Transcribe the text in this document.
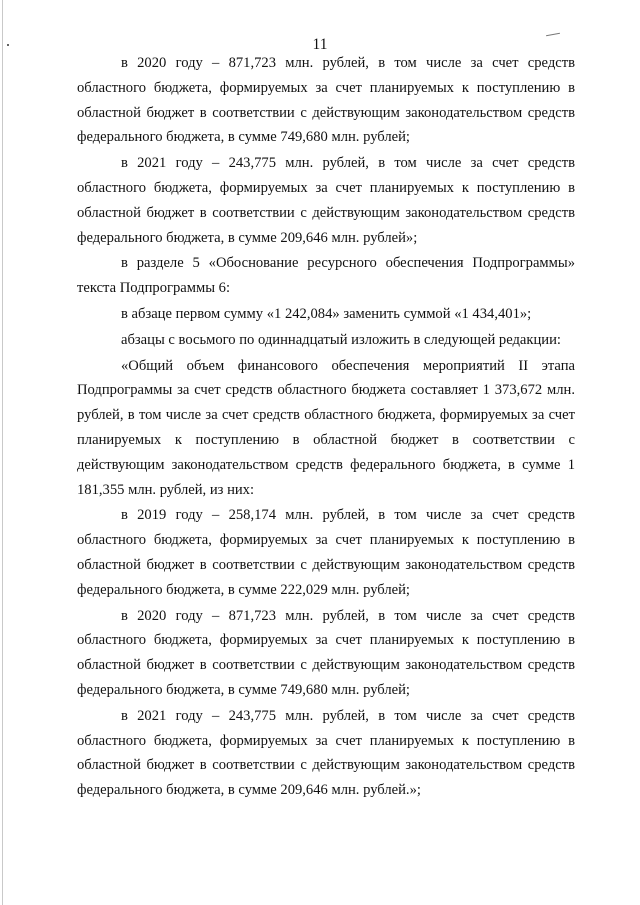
11

в 2020 году – 871,723 млн. рублей, в том числе за счет средств областного бюджета, формируемых за счет планируемых к поступлению в областной бюджет в соответствии с действующим законодательством средств федерального бюджета, в сумме 749,680 млн. рублей;

в 2021 году – 243,775 млн. рублей, в том числе за счет средств областного бюджета, формируемых за счет планируемых к поступлению в областной бюджет в соответствии с действующим законодательством средств федерального бюджета, в сумме 209,646 млн. рублей»;

в разделе 5 «Обоснование ресурсного обеспечения Подпрограммы» текста Подпрограммы 6:

в абзаце первом сумму «1 242,084» заменить суммой «1 434,401»;

абзацы с восьмого по одиннадцатый изложить в следующей редакции:

«Общий объем финансового обеспечения мероприятий II этапа Подпрограммы за счет средств областного бюджета составляет 1 373,672 млн. рублей, в том числе за счет средств областного бюджета, формируемых за счет планируемых к поступлению в областной бюджет в соответствии с действующим законодательством средств федерального бюджета, в сумме 1 181,355 млн. рублей, из них:

в 2019 году – 258,174 млн. рублей, в том числе за счет средств областного бюджета, формируемых за счет планируемых к поступлению в областной бюджет в соответствии с действующим законодательством средств федерального бюджета, в сумме 222,029 млн. рублей;

в 2020 году – 871,723 млн. рублей, в том числе за счет средств областного бюджета, формируемых за счет планируемых к поступлению в областной бюджет в соответствии с действующим законодательством средств федерального бюджета, в сумме 749,680 млн. рублей;

в 2021 году – 243,775 млн. рублей, в том числе за счет средств областного бюджета, формируемых за счет планируемых к поступлению в областной бюджет в соответствии с действующим законодательством средств федерального бюджета, в сумме 209,646 млн. рублей.»;
